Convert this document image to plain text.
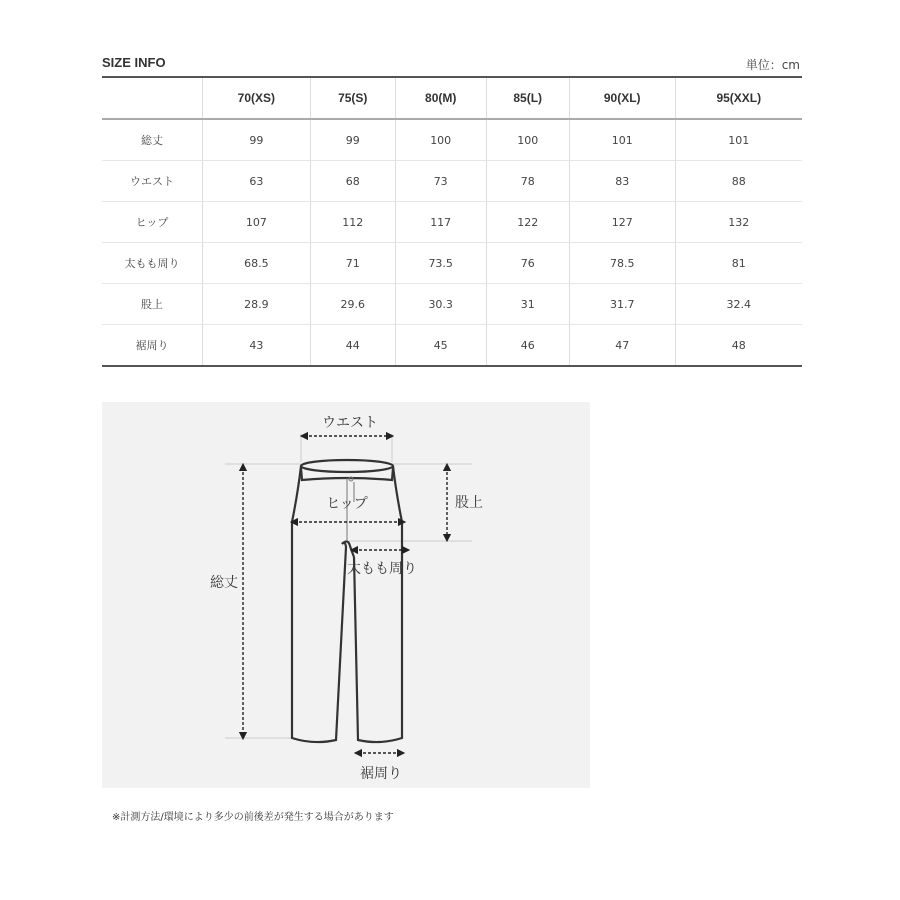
SIZE INFO	単位：cm
	70(XS)	75(S)	80(M)	85(L)	90(XL)	95(XXL)
総丈	99	99	100	100	101	101
ウエスト	63	68	73	78	83	88
ヒップ	107	112	117	122	127	132
太もも周り	68.5	71	73.5	76	78.5	81
股上	28.9	29.6	30.3	31	31.7	32.4
裾周り	43	44	45	46	47	48
ウエスト
ヒップ	股上
太もも周り
総丈
裾周り
※計測方法/環境により多少の前後差が発生する場合があります
